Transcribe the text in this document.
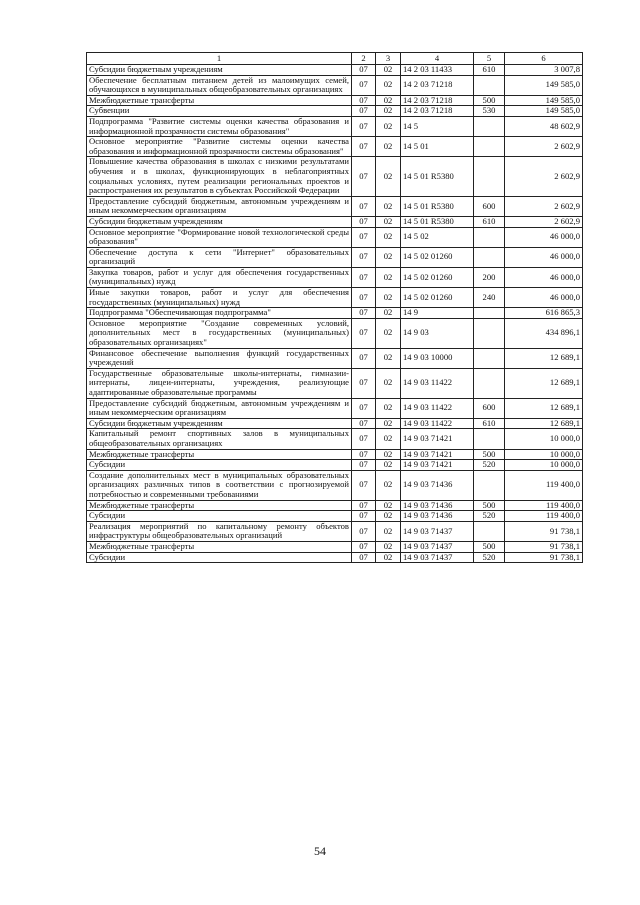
1	2	3	4	5	6
Субсидии бюджетным учреждениям	07	02	14 2 03 11433	610	3 007,8
Обеспечение бесплатным питанием детей из малоимущих семей, обучающихся в муниципальных общеобразовательных организациях	07	02	14 2 03 71218		149 585,0
Межбюджетные трансферты	07	02	14 2 03 71218	500	149 585,0
Субвенции	07	02	14 2 03 71218	530	149 585,0
Подпрограмма "Развитие системы оценки качества образования и информационной прозрачности системы образования"	07	02	14 5		48 602,9
Основное мероприятие "Развитие системы оценки качества образования и информационной прозрачности системы образования"	07	02	14 5 01		2 602,9
Повышение качества образования в школах с низкими результатами обучения и в школах, функционирующих в неблагоприятных социальных условиях, путем реализации региональных проектов и распространения их результатов в субъектах Российской Федерации	07	02	14 5 01 R5380		2 602,9
Предоставление субсидий бюджетным, автономным учреждениям и иным некоммерческим организациям	07	02	14 5 01 R5380	600	2 602,9
Субсидии бюджетным учреждениям	07	02	14 5 01 R5380	610	2 602,9
Основное мероприятие "Формирование новой технологической среды образования"	07	02	14 5 02		46 000,0
Обеспечение доступа к сети "Интернет" образовательных организаций	07	02	14 5 02 01260		46 000,0
Закупка товаров, работ и услуг для обеспечения государственных (муниципальных) нужд	07	02	14 5 02 01260	200	46 000,0
Иные закупки товаров, работ и услуг для обеспечения государственных (муниципальных) нужд	07	02	14 5 02 01260	240	46 000,0
Подпрограмма "Обеспечивающая подпрограмма"	07	02	14 9		616 865,3
Основное мероприятие "Создание современных условий, дополнительных мест в государственных (муниципальных) образовательных организациях"	07	02	14 9 03		434 896,1
Финансовое обеспечение выполнения функций государственных учреждений	07	02	14 9 03 10000		12 689,1
Государственные образовательные школы-интернаты, гимназии-интернаты, лицеи-интернаты, учреждения, реализующие адаптированные образовательные программы	07	02	14 9 03 11422		12 689,1
Предоставление субсидий бюджетным, автономным учреждениям и иным некоммерческим организациям	07	02	14 9 03 11422	600	12 689,1
Субсидии бюджетным учреждениям	07	02	14 9 03 11422	610	12 689,1
Капитальный ремонт спортивных залов в муниципальных общеобразовательных организациях	07	02	14 9 03 71421		10 000,0
Межбюджетные трансферты	07	02	14 9 03 71421	500	10 000,0
Субсидии	07	02	14 9 03 71421	520	10 000,0
Создание дополнительных мест в муниципальных образовательных организациях различных типов в соответствии с прогнозируемой потребностью и современными требованиями	07	02	14 9 03 71436		119 400,0
Межбюджетные трансферты	07	02	14 9 03 71436	500	119 400,0
Субсидии	07	02	14 9 03 71436	520	119 400,0
Реализация мероприятий по капитальному ремонту объектов инфраструктуры общеобразовательных организаций	07	02	14 9 03 71437		91 738,1
Межбюджетные трансферты	07	02	14 9 03 71437	500	91 738,1
Субсидии	07	02	14 9 03 71437	520	91 738,1
54
